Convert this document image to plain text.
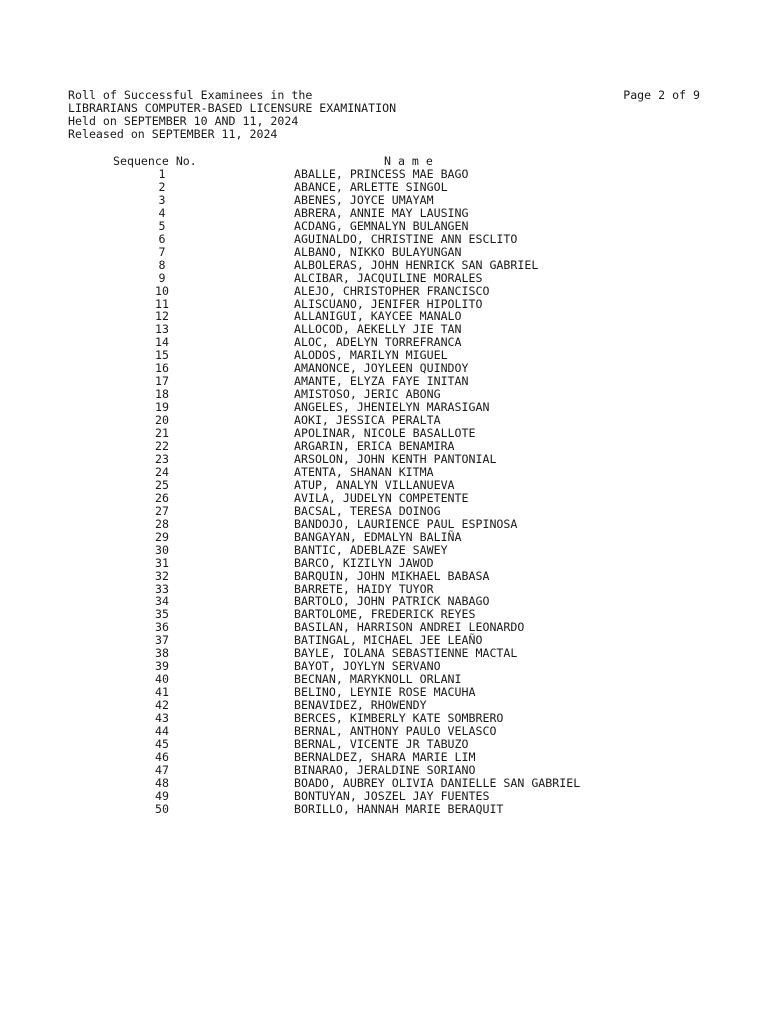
Roll of Successful Examinees in the
LIBRARIANS COMPUTER-BASED LICENSURE EXAMINATION
Held on SEPTEMBER 10 AND 11, 2024
Released on SEPTEMBER 11, 2024
Page 2 of 9
Sequence No.	N a m e
1	ABALLE, PRINCESS MAE BAGO
2	ABANCE, ARLETTE SINGOL
3	ABENES, JOYCE UMAYAM
4	ABRERA, ANNIE MAY LAUSING
5	ACDANG, GEMNALYN BULANGEN
6	AGUINALDO, CHRISTINE ANN ESCLITO
7	ALBANO, NIKKO BULAYUNGAN
8	ALBOLERAS, JOHN HENRICK SAN GABRIEL
9	ALCIBAR, JACQUILINE MORALES
10	ALEJO, CHRISTOPHER FRANCISCO
11	ALISCUANO, JENIFER HIPOLITO
12	ALLANIGUI, KAYCEE MANALO
13	ALLOCOD, AEKELLY JIE TAN
14	ALOC, ADELYN TORREFRANCA
15	ALODOS, MARILYN MIGUEL
16	AMANONCE, JOYLEEN QUINDOY
17	AMANTE, ELYZA FAYE INITAN
18	AMISTOSO, JERIC ABONG
19	ANGELES, JHENIELYN MARASIGAN
20	AOKI, JESSICA PERALTA
21	APOLINAR, NICOLE BASALLOTE
22	ARGARIN, ERICA BENAMIRA
23	ARSOLON, JOHN KENTH PANTONIAL
24	ATENTA, SHANAN KITMA
25	ATUP, ANALYN VILLANUEVA
26	AVILA, JUDELYN COMPETENTE
27	BACSAL, TERESA DOINOG
28	BANDOJO, LAURIENCE PAUL ESPINOSA
29	BANGAYAN, EDMALYN BALIÑA
30	BANTIC, ADEBLAZE SAWEY
31	BARCO, KIZILYN JAWOD
32	BARQUIN, JOHN MIKHAEL BABASA
33	BARRETE, HAIDY TUYOR
34	BARTOLO, JOHN PATRICK NABAGO
35	BARTOLOME, FREDERICK REYES
36	BASILAN, HARRISON ANDREI LEONARDO
37	BATINGAL, MICHAEL JEE LEAÑO
38	BAYLE, IOLANA SEBASTIENNE MACTAL
39	BAYOT, JOYLYN SERVANO
40	BECNAN, MARYKNOLL ORLANI
41	BELINO, LEYNIE ROSE MACUHA
42	BENAVIDEZ, RHOWENDY
43	BERCES, KIMBERLY KATE SOMBRERO
44	BERNAL, ANTHONY PAULO VELASCO
45	BERNAL, VICENTE JR TABUZO
46	BERNALDEZ, SHARA MARIE LIM
47	BINARAO, JERALDINE SORIANO
48	BOADO, AUBREY OLIVIA DANIELLE SAN GABRIEL
49	BONTUYAN, JOSZEL JAY FUENTES
50	BORILLO, HANNAH MARIE BERAQUIT
